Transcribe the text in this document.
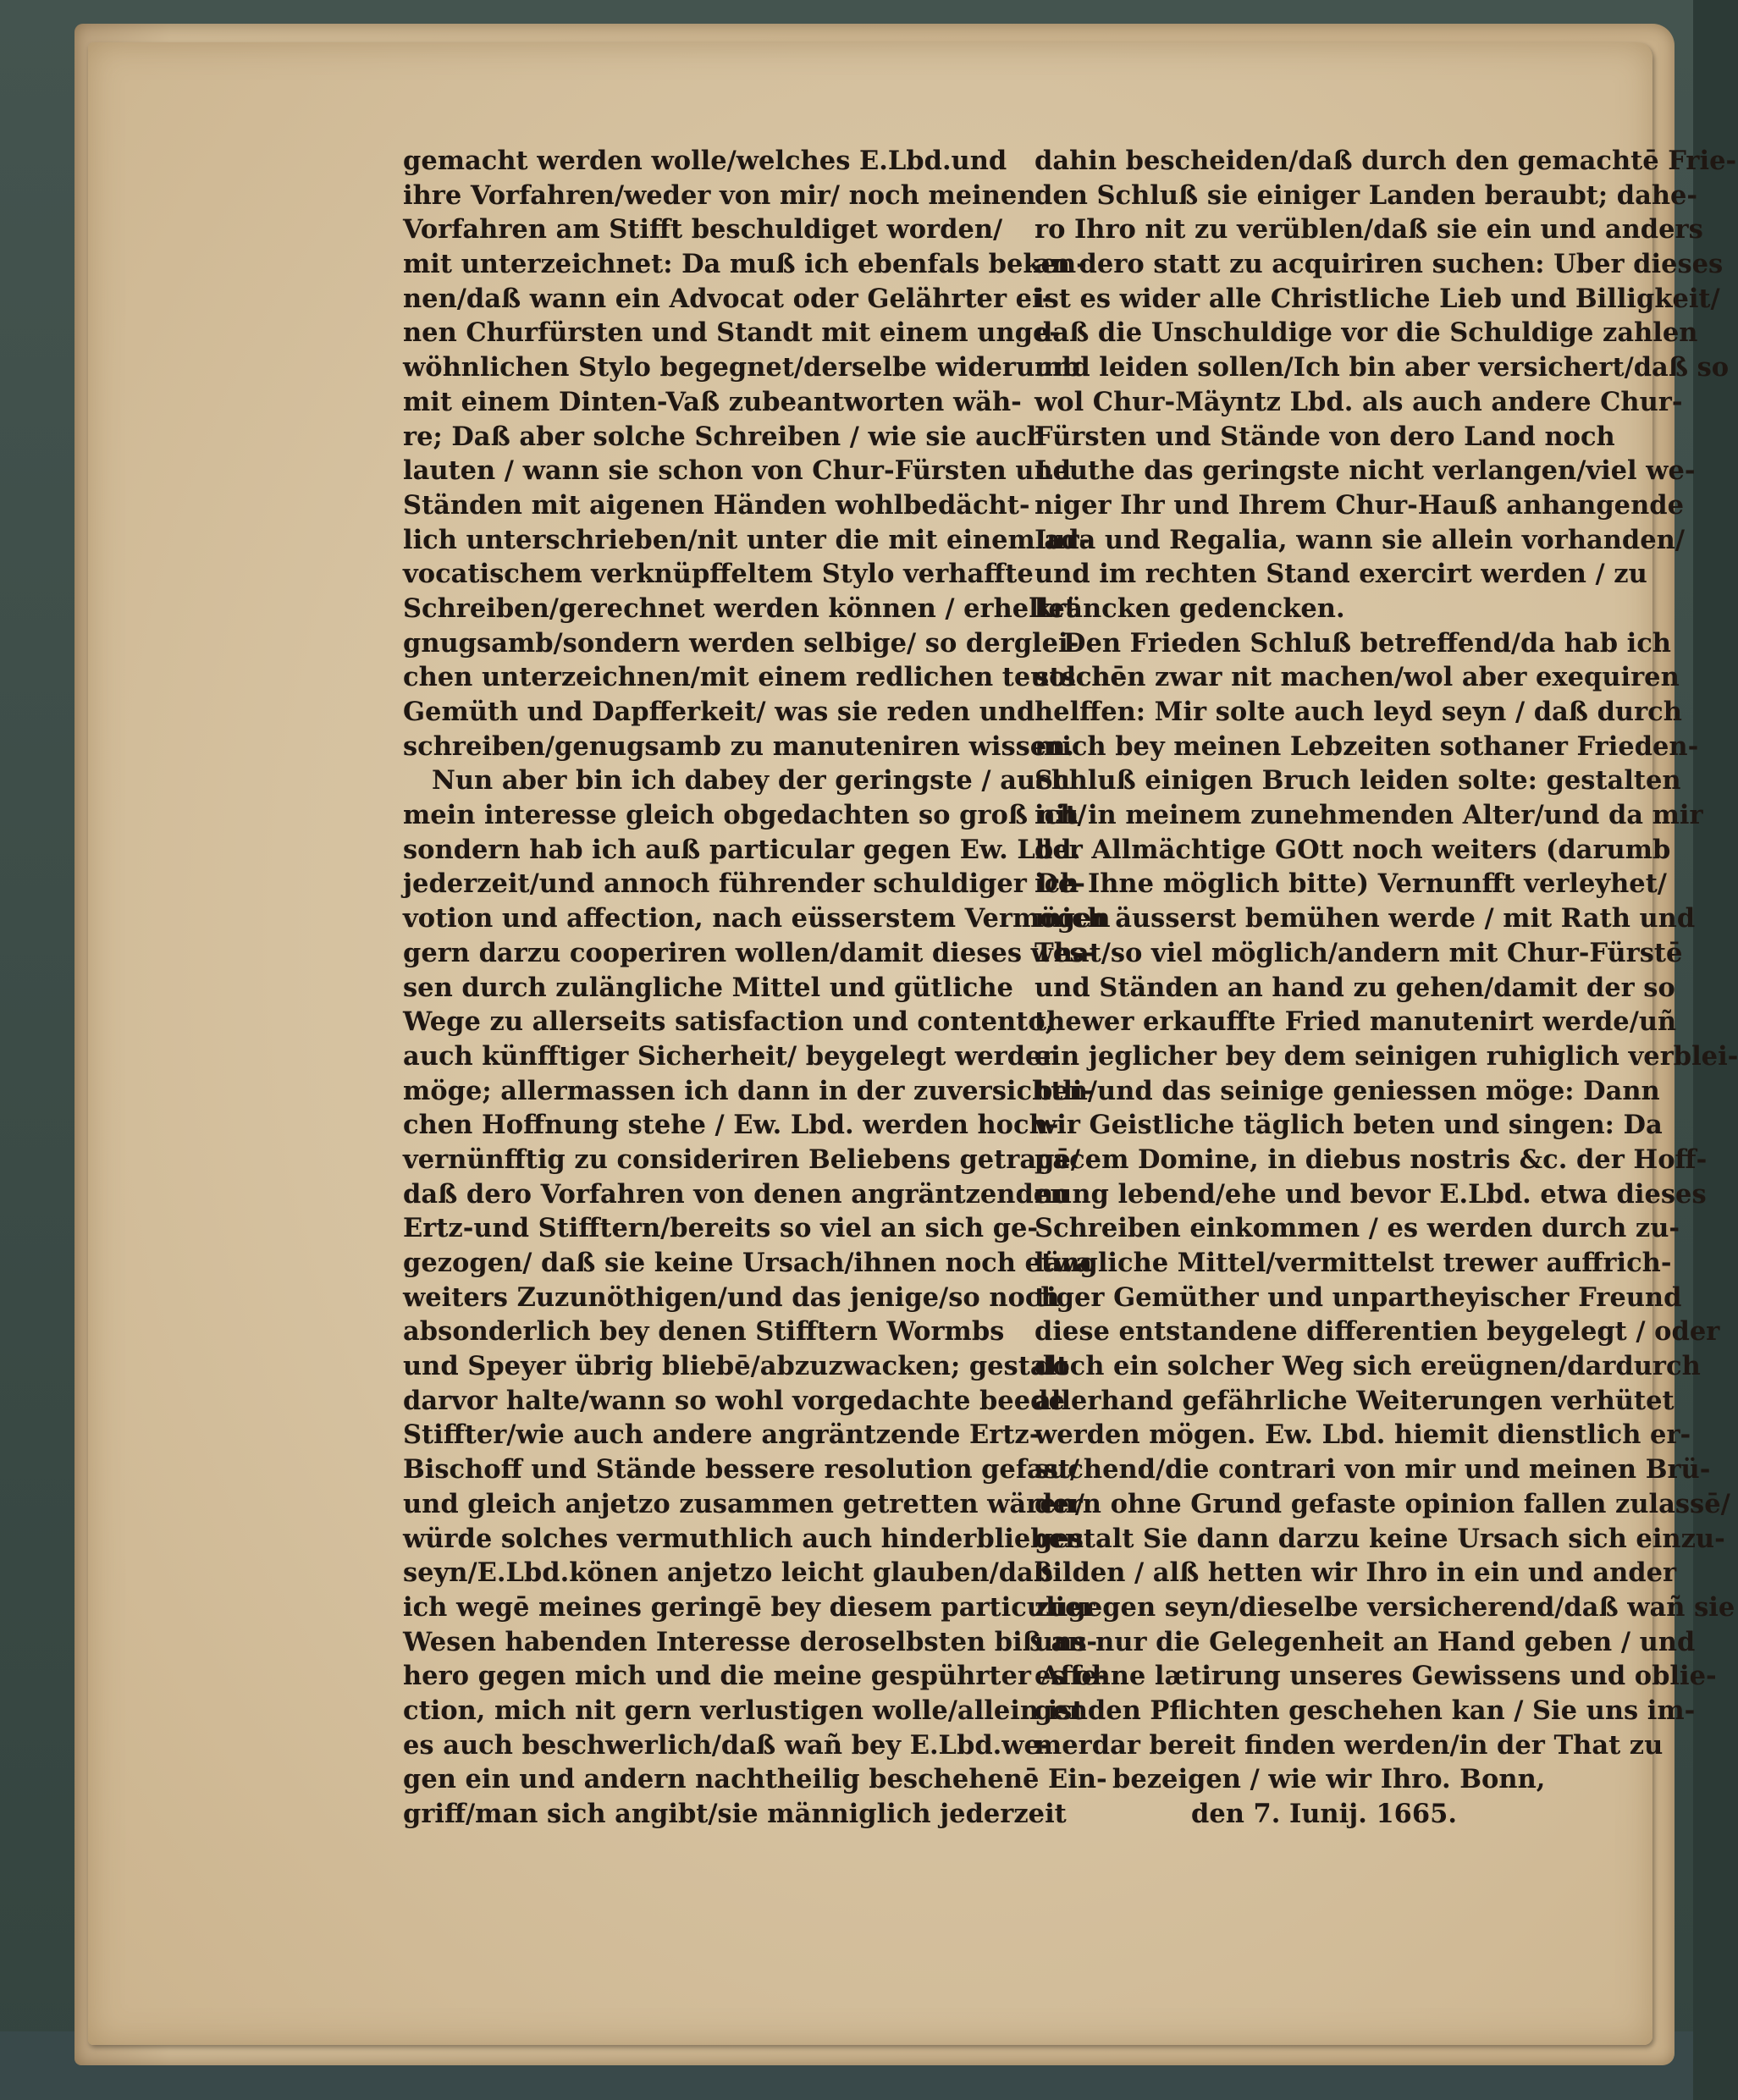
gemacht werden wolle/welches E.Lbd.und
ihre Vorfahren/weder von mir/ noch meinen
Vorfahren am Stifft beschuldiget worden/
mit unterzeichnet: Da muß ich ebenfals beken-
nen/daß wann ein Advocat oder Gelährter ei-
nen Churfürsten und Standt mit einem unge-
wöhnlichen Stylo begegnet/derselbe widerumb
mit einem Dinten-Vaß zubeantworten wäh-
re; Daß aber solche Schreiben / wie sie auch
lauten / wann sie schon von Chur-Fürsten und
Ständen mit aigenen Händen wohlbedächt-
lich unterschrieben/nit unter die mit einem ad-
vocatischem verknüpffeltem Stylo verhaffte
Schreiben/gerechnet werden können / erhellet
gnugsamb/sondern werden selbige/ so derglei-
chen unterzeichnen/mit einem redlichen teutschē
Gemüth und Dapfferkeit/ was sie reden und
schreiben/genugsamb zu manuteniren wissen.
Nun aber bin ich dabey der geringste / auch
mein interesse gleich obgedachten so groß nit/
sondern hab ich auß particular gegen Ew. Lbd.
jederzeit/und annoch führender schuldiger De-
votion und affection, nach eüsserstem Vermögen
gern darzu cooperiren wollen/damit dieses wes-
sen durch zulängliche Mittel und gütliche
Wege zu allerseits satisfaction und contento,
auch künfftiger Sicherheit/ beygelegt werden
möge; allermassen ich dann in der zuversichtli-
chen Hoffnung stehe / Ew. Lbd. werden hoch-
vernünfftig zu consideriren Beliebens getragē/
daß dero Vorfahren von denen angräntzenden
Ertz-und Stifftern/bereits so viel an sich ge-
gezogen/ daß sie keine Ursach/ihnen noch etwa
weiters Zuzunöthigen/und das jenige/so noch
absonderlich bey denen Stifftern Wormbs
und Speyer übrig bliebē/abzuzwacken; gestalt
darvor halte/wann so wohl vorgedachte beede
Stiffter/wie auch andere angräntzende Ertz-
Bischoff und Stände bessere resolution gefast/
und gleich anjetzo zusammen getretten wären/
würde solches vermuthlich auch hinderblieben
seyn/E.Lbd.könen anjetzo leicht glauben/daß
ich wegē meines geringē bey diesem particulier
Wesen habenden Interesse deroselbsten biß an-
hero gegen mich und die meine gespührter Affe-
ction, mich nit gern verlustigen wolle/allein ist
es auch beschwerlich/daß wañ bey E.Lbd.we-
gen ein und andern nachtheilig beschehenē Ein-
griff/man sich angibt/sie männiglich jederzeit
dahin bescheiden/daß durch den gemachtē Frie-
den Schluß sie einiger Landen beraubt; dahe-
ro Ihro nit zu verüblen/daß sie ein und anders
an dero statt zu acquiriren suchen: Uber dieses
ist es wider alle Christliche Lieb und Billigkeit/
daß die Unschuldige vor die Schuldige zahlen
und leiden sollen/Ich bin aber versichert/daß so
wol Chur-Mäyntz Lbd. als auch andere Chur-
Fürsten und Stände von dero Land noch
Leuthe das geringste nicht verlangen/viel we-
niger Ihr und Ihrem Chur-Hauß anhangende
Iura und Regalia, wann sie allein vorhanden/
und im rechten Stand exercirt werden / zu
kräncken gedencken.
Den Frieden Schluß betreffend/da hab ich
solchen zwar nit machen/wol aber exequiren
helffen: Mir solte auch leyd seyn / daß durch
mich bey meinen Lebzeiten sothaner Frieden-
Schluß einigen Bruch leiden solte: gestalten
ich in meinem zunehmenden Alter/und da mir
der Allmächtige GOtt noch weiters (darumb
ich Ihne möglich bitte) Vernunfft verleyhet/
mich äusserst bemühen werde / mit Rath und
That/so viel möglich/andern mit Chur-Fürstē
und Ständen an hand zu gehen/damit der so
thewer erkauffte Fried manutenirt werde/uñ
ein jeglicher bey dem seinigen ruhiglich verblei-
ben/und das seinige geniessen möge: Dann
wir Geistliche täglich beten und singen: Da
pacem Domine, in diebus nostris &c. der Hoff-
nung lebend/ehe und bevor E.Lbd. etwa dieses
Schreiben einkommen / es werden durch zu-
längliche Mittel/vermittelst trewer auffrich-
tiger Gemüther und unpartheyischer Freund
diese entstandene differentien beygelegt / oder
doch ein solcher Weg sich ereügnen/dardurch
allerhand gefährliche Weiterungen verhütet
werden mögen. Ew. Lbd. hiemit dienstlich er-
suchend/die contrari von mir und meinen Brü-
dern ohne Grund gefaste opinion fallen zulassē/
gestalt Sie dann darzu keine Ursach sich einzu-
bilden / alß hetten wir Ihro in ein und ander
zugegen seyn/dieselbe versicherend/daß wañ sie
uns nur die Gelegenheit an Hand geben / und
es ohne lætirung unseres Gewissens und oblie-
genden Pflichten geschehen kan / Sie uns im-
merdar bereit finden werden/in der That zu
bezeigen / wie wir Ihro. Bonn,
den 7. Iunij. 1665.
